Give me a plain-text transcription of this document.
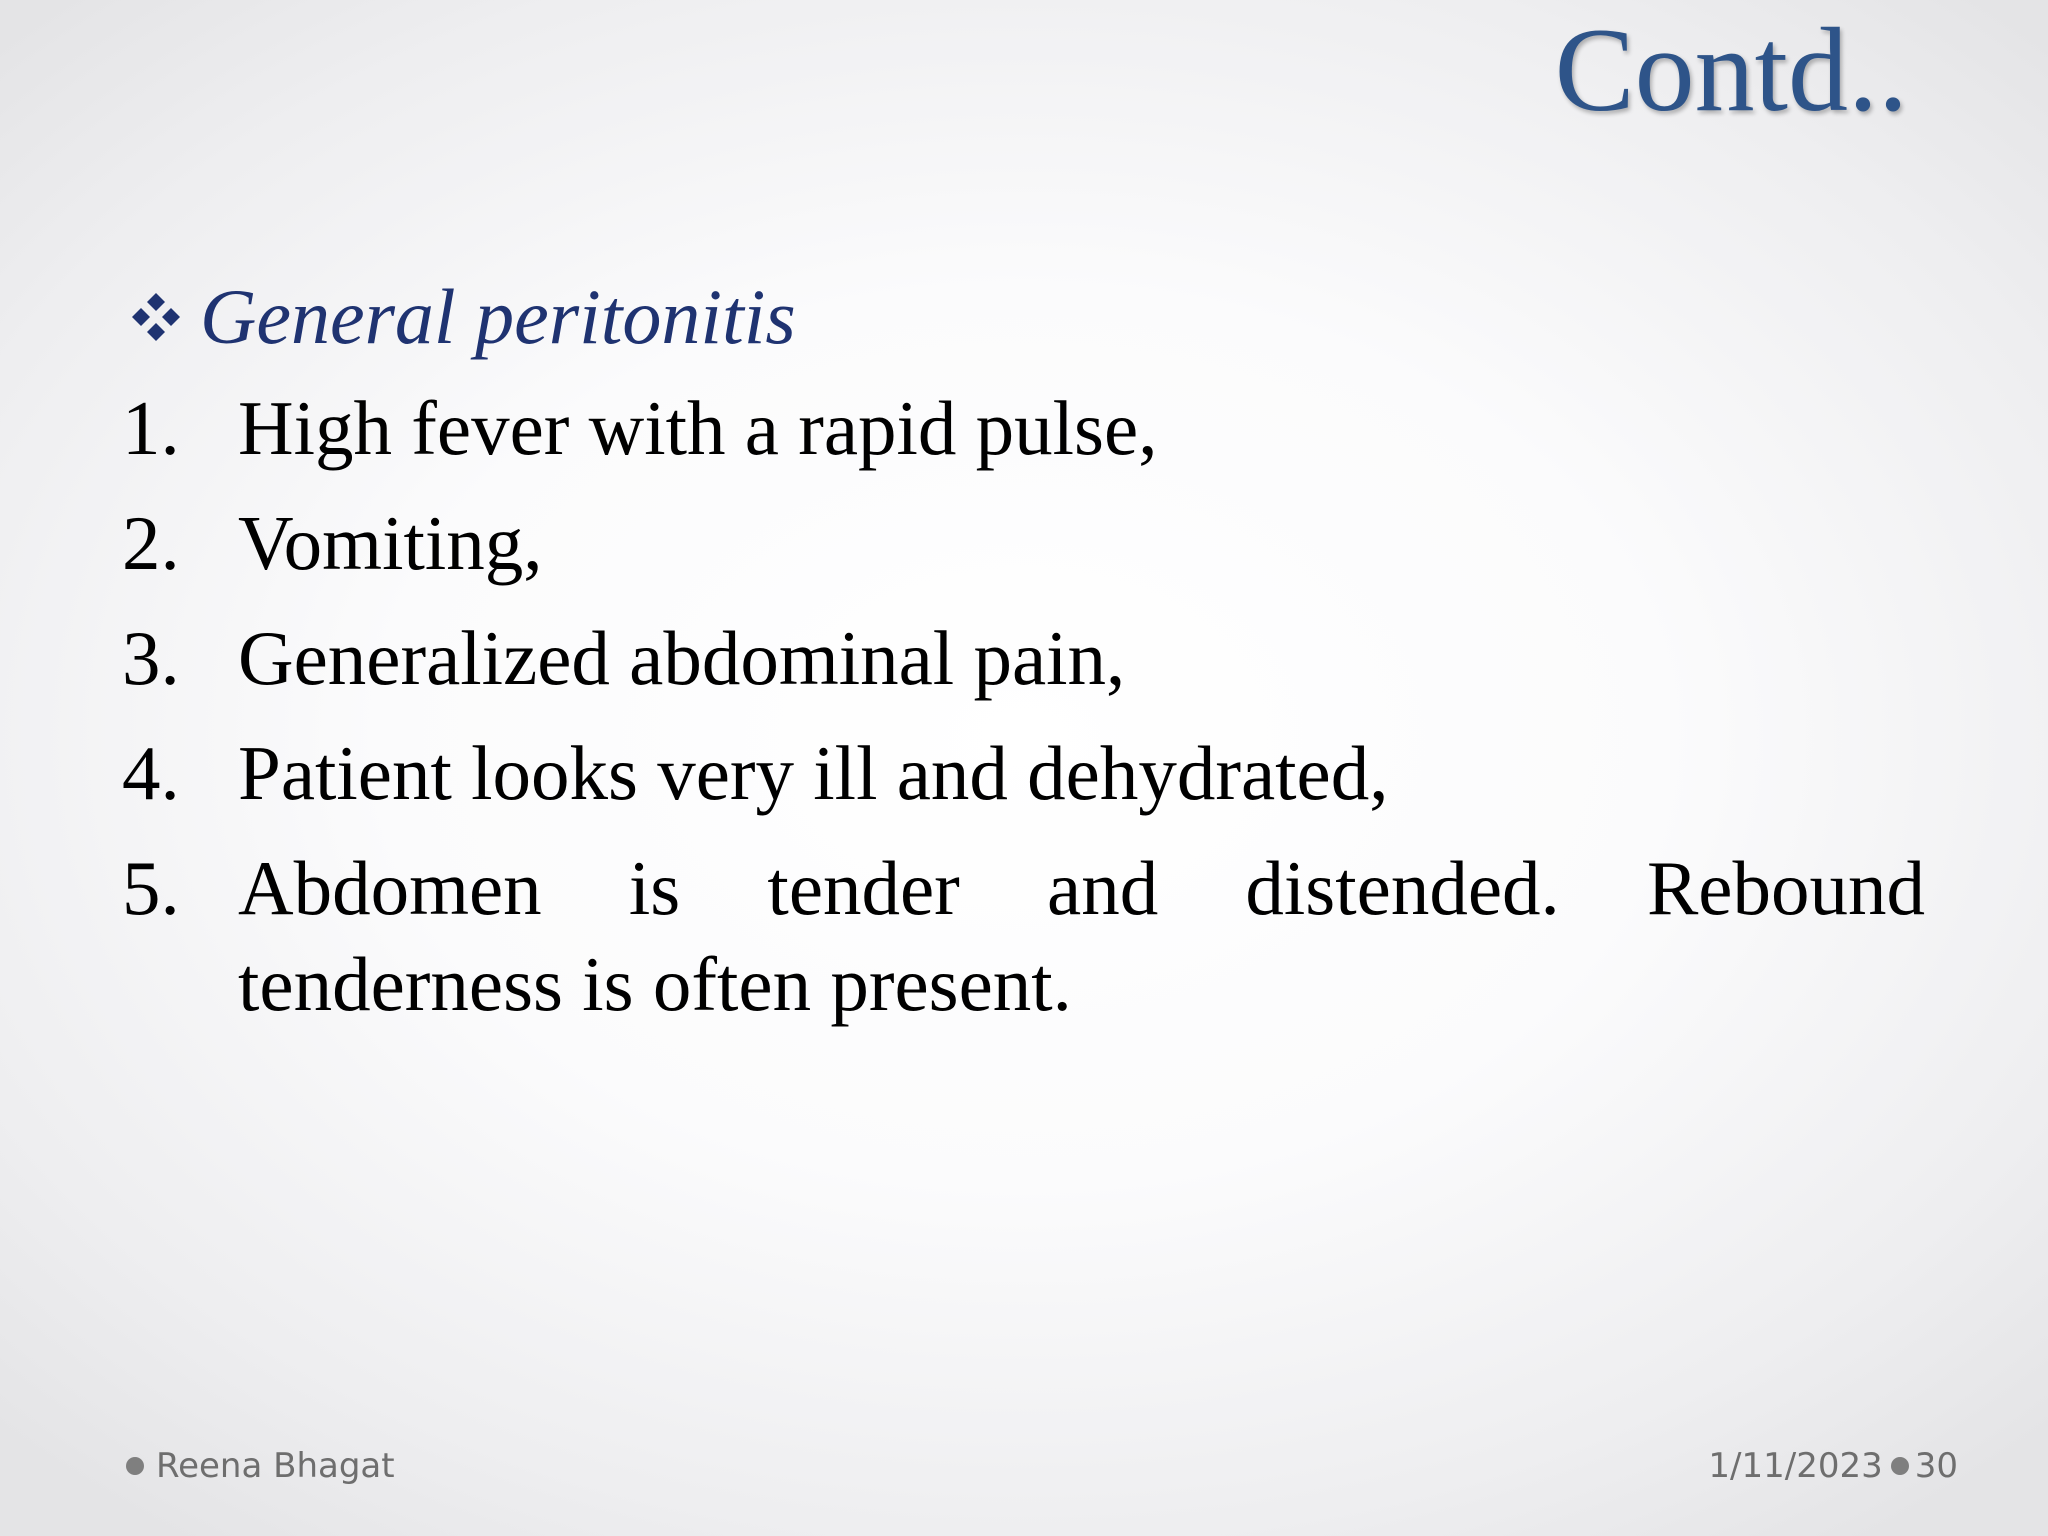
Contd..
General peritonitis
1. High fever with a rapid pulse,
2. Vomiting,
3. Generalized abdominal pain,
4. Patient looks very ill and dehydrated,
5. Abdomen is tender and distended. Rebound tenderness is often present.
Reena Bhagat	1/11/2023 30
